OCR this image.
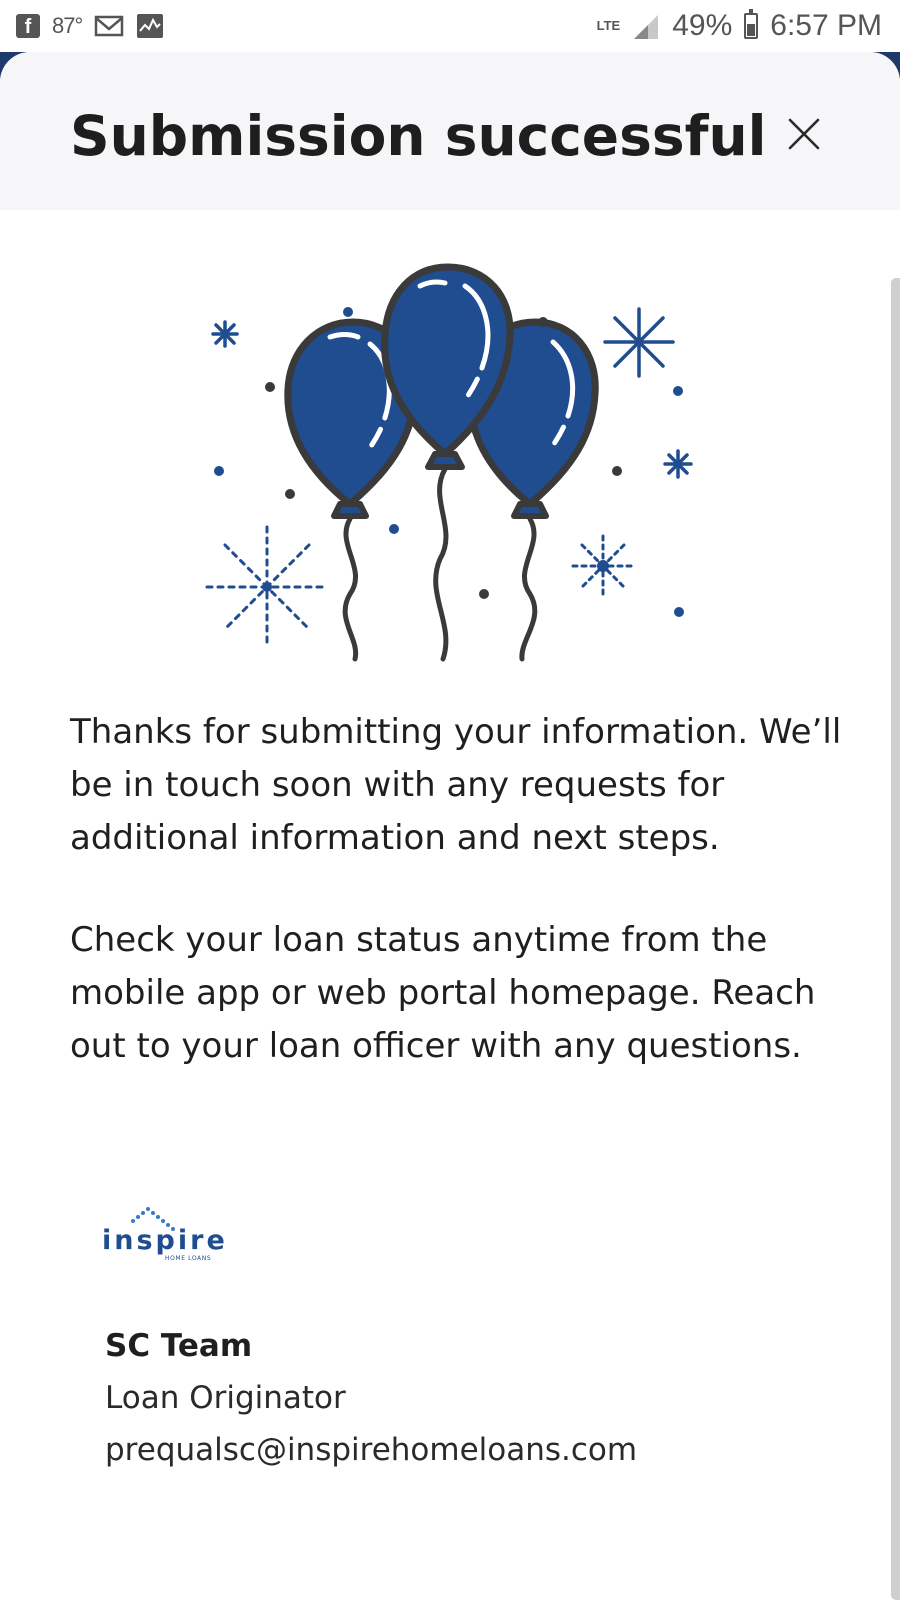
f 87°	LTE 49% 6:57 PM
Submission successful

Thanks for submitting your information. We’ll be in touch soon with any requests for additional information and next steps.

Check your loan status anytime from the mobile app or web portal homepage. Reach out to your loan officer with any questions.

inspire
HOME LOANS
SC Team
Loan Originator
prequalsc@inspirehomeloans.com
